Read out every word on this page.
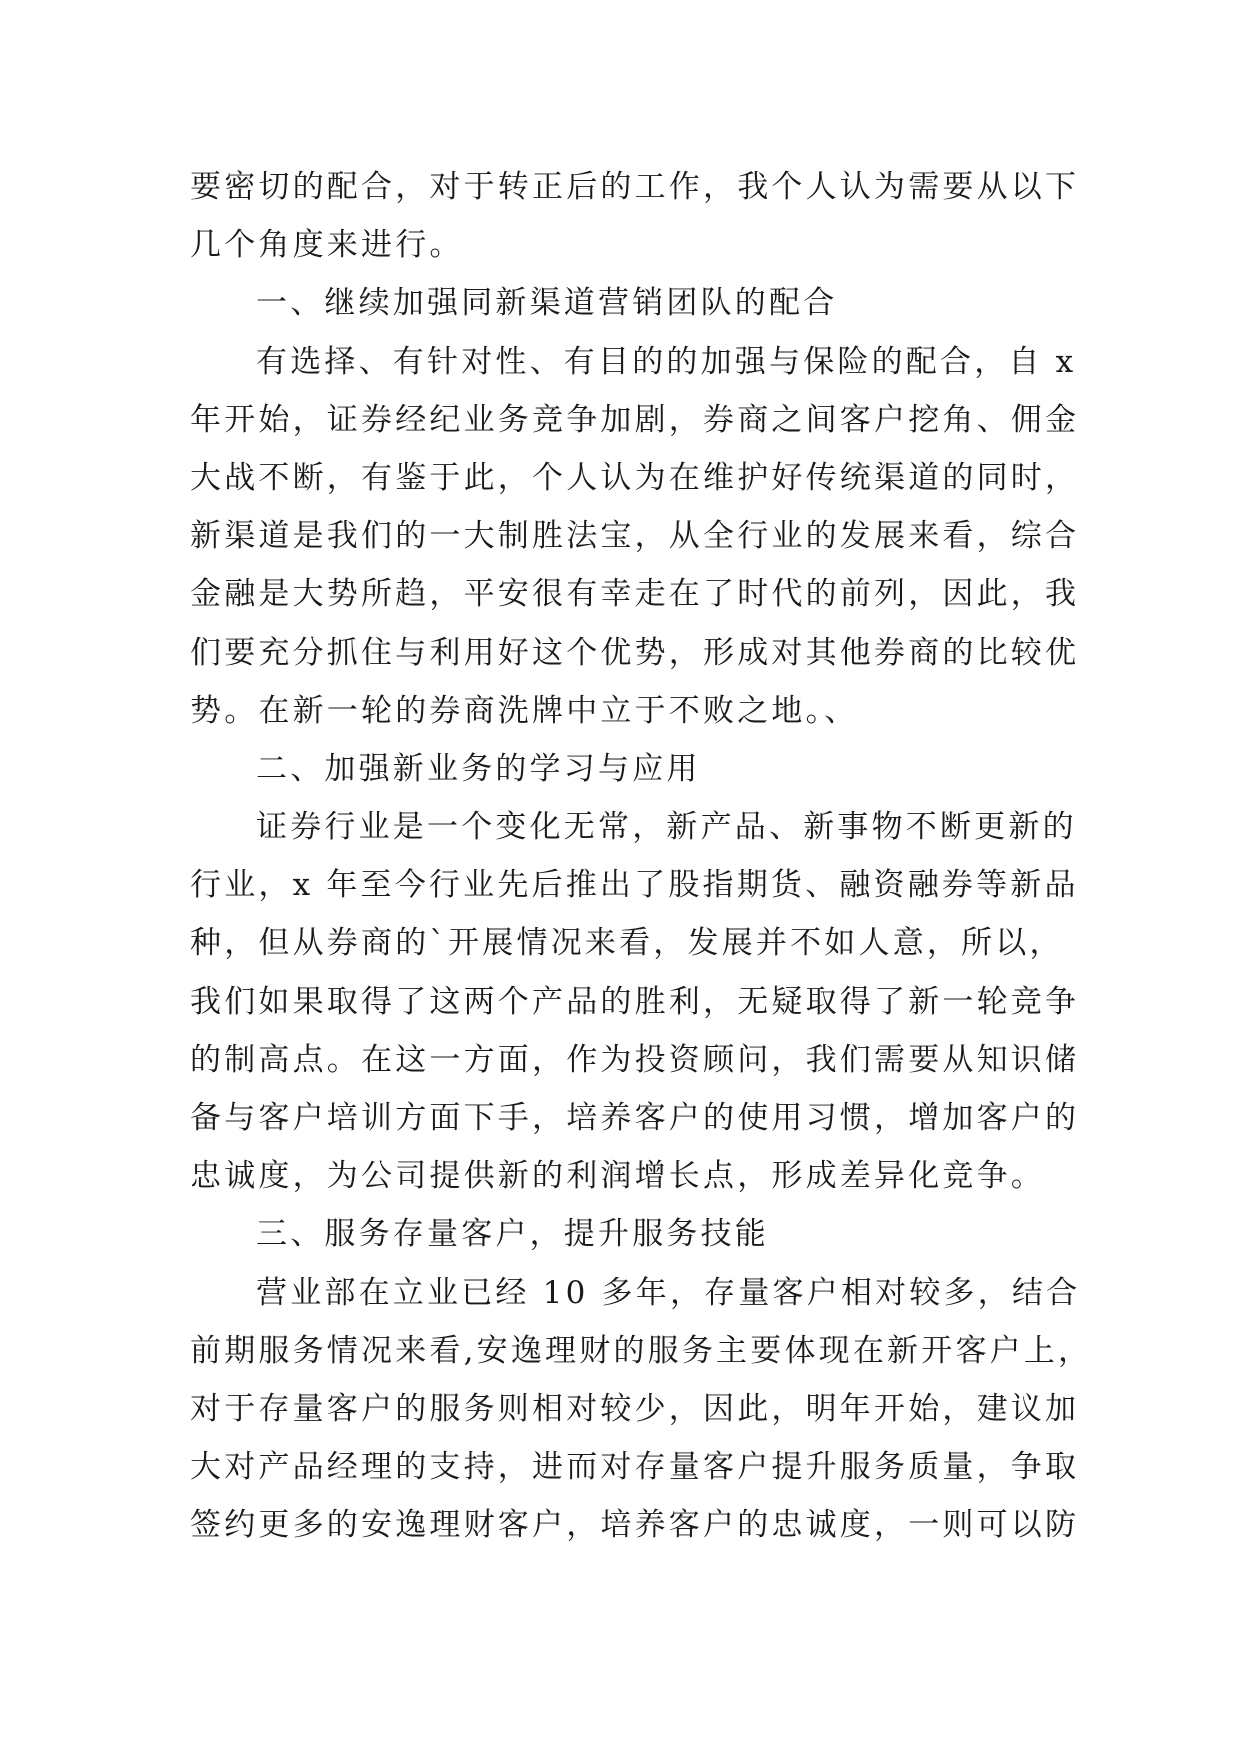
要密切的配合，对于转正后的工作，我个人认为需要从以下
几个角度来进行。
一、继续加强同新渠道营销团队的配合
有选择、有针对性、有目的的加强与保险的配合，自 x
年开始，证券经纪业务竞争加剧，券商之间客户挖角、佣金
大战不断，有鉴于此，个人认为在维护好传统渠道的同时，
新渠道是我们的一大制胜法宝，从全行业的发展来看，综合
金融是大势所趋，平安很有幸走在了时代的前列，因此，我
们要充分抓住与利用好这个优势，形成对其他券商的比较优
势。在新一轮的券商洗牌中立于不败之地。、
二、加强新业务的学习与应用
证券行业是一个变化无常，新产品、新事物不断更新的
行业，x 年至今行业先后推出了股指期货、融资融券等新品
种，但从券商的`开展情况来看，发展并不如人意，所以，
我们如果取得了这两个产品的胜利，无疑取得了新一轮竞争
的制高点。在这一方面，作为投资顾问，我们需要从知识储
备与客户培训方面下手，培养客户的使用习惯，增加客户的
忠诚度，为公司提供新的利润增长点，形成差异化竞争。
三、服务存量客户，提升服务技能
营业部在立业已经 10 多年，存量客户相对较多，结合
前期服务情况来看,安逸理财的服务主要体现在新开客户上，
对于存量客户的服务则相对较少，因此，明年开始，建议加
大对产品经理的支持，进而对存量客户提升服务质量，争取
签约更多的安逸理财客户，培养客户的忠诚度，一则可以防
